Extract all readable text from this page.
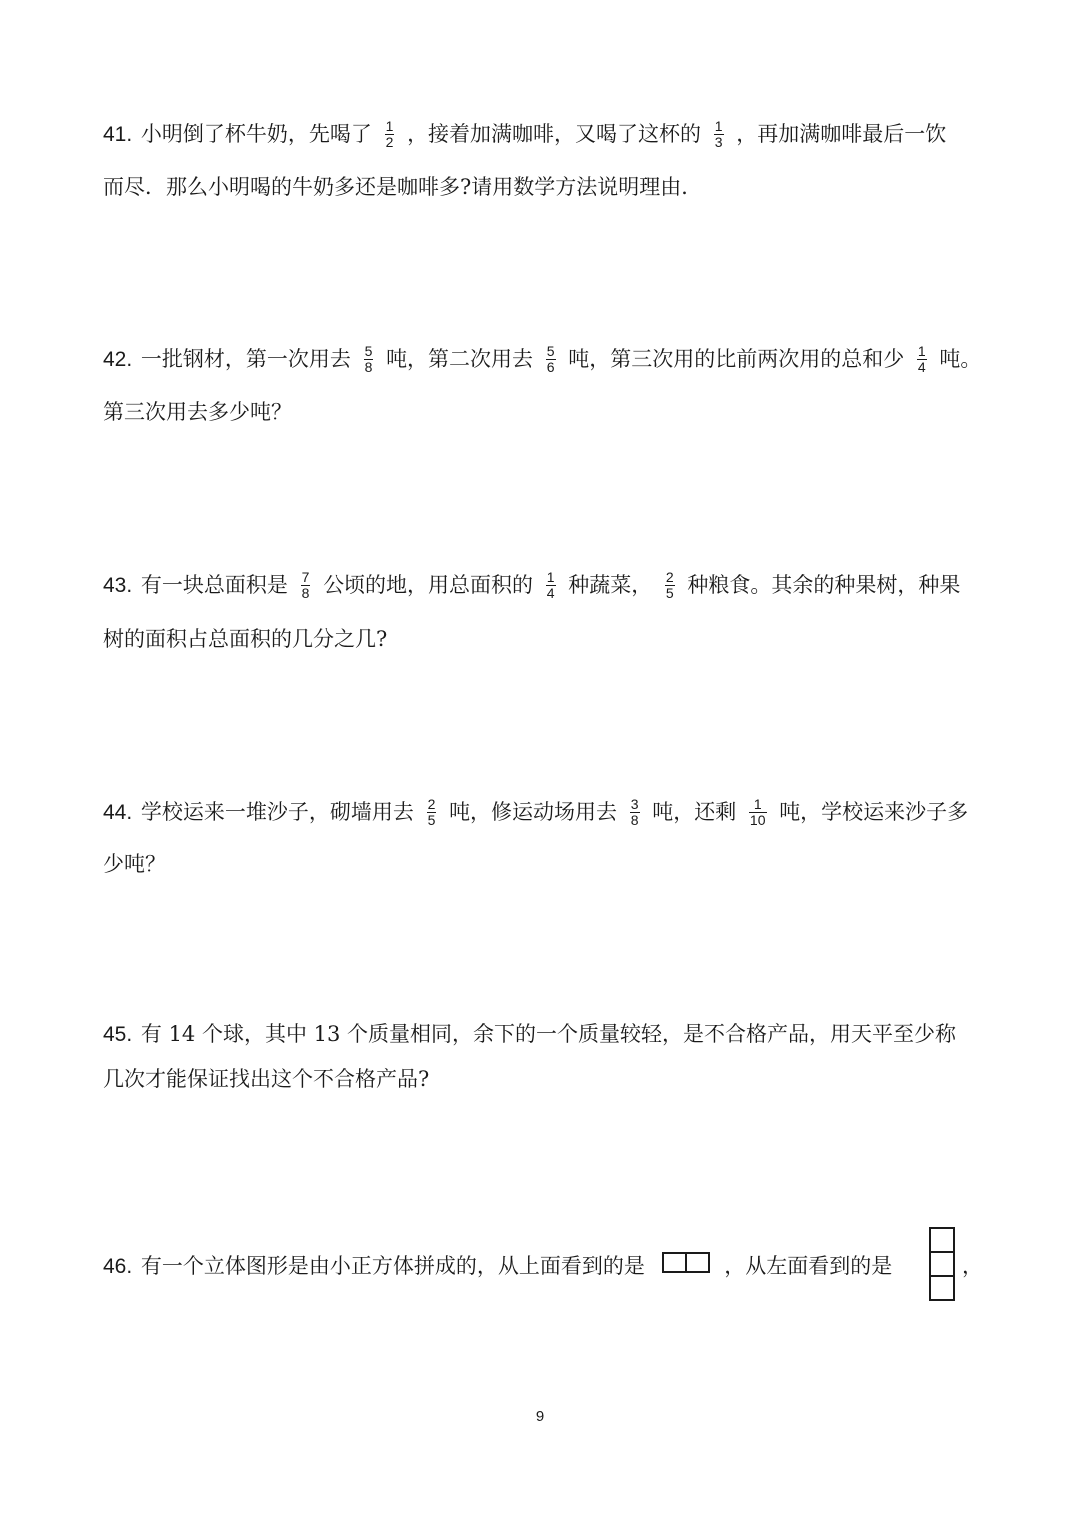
41. 小明倒了杯牛奶，先喝了 $\frac{1}{2}$ ，接着加满咖啡，又喝了这杯的 $\frac{1}{3}$ ，再加满咖啡最后一饮
而尽．那么小明喝的牛奶多还是咖啡多?请用数学方法说明理由．
42. 一批钢材，第一次用去 $\frac{5}{8}$ 吨，第二次用去 $\frac{5}{6}$ 吨，第三次用的比前两次用的总和少 $\frac{1}{4}$ 吨。
第三次用去多少吨？
43. 有一块总面积是 $\frac{7}{8}$ 公顷的地，用总面积的 $\frac{1}{4}$ 种蔬菜， $\frac{2}{5}$ 种粮食。其余的种果树，种果
树的面积占总面积的几分之几?
44. 学校运来一堆沙子，砌墙用去 $\frac{2}{5}$ 吨，修运动场用去 $\frac{3}{8}$ 吨，还剩 $\frac{1}{10}$ 吨，学校运来沙子多
少吨？
45. 有 14 个球，其中 13 个质量相同，余下的一个质量较轻，是不合格产品，用天平至少称
几次才能保证找出这个不合格产品?
46. 有一个立体图形是由小正方体拼成的，从上面看到的是	，从左面看到的是	，
9
